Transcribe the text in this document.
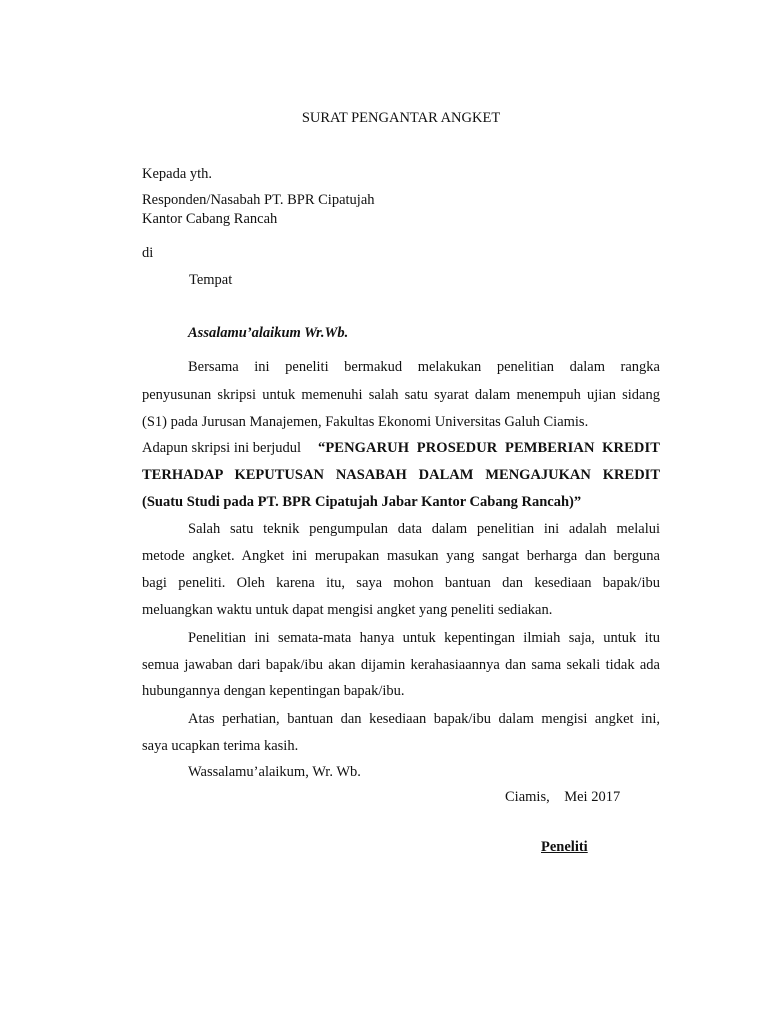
SURAT PENGANTAR ANGKET
Kepada yth.
Responden/Nasabah PT. BPR Cipatujah
Kantor Cabang Rancah
di
Tempat
Assalamu’alaikum Wr.Wb.
Bersama ini peneliti bermakud melakukan penelitian dalam rangka
penyusunan skripsi untuk memenuhi salah satu syarat dalam menempuh ujian sidang
(S1) pada Jurusan Manajemen, Fakultas Ekonomi Universitas Galuh Ciamis.
Adapun skripsi ini berjudul “PENGARUH PROSEDUR PEMBERIAN KREDIT
TERHADAP KEPUTUSAN NASABAH DALAM MENGAJUKAN KREDIT
(Suatu Studi pada PT. BPR Cipatujah Jabar Kantor Cabang Rancah)”
Salah satu teknik pengumpulan data dalam penelitian ini adalah melalui
metode angket. Angket ini merupakan masukan yang sangat berharga dan berguna
bagi peneliti. Oleh karena itu, saya mohon bantuan dan kesediaan bapak/ibu
meluangkan waktu untuk dapat mengisi angket yang peneliti sediakan.
Penelitian ini semata-mata hanya untuk kepentingan ilmiah saja, untuk itu
semua jawaban dari bapak/ibu akan dijamin kerahasiaannya dan sama sekali tidak ada
hubungannya dengan kepentingan bapak/ibu.
Atas perhatian, bantuan dan kesediaan bapak/ibu dalam mengisi angket ini,
saya ucapkan terima kasih.
Wassalamu’alaikum, Wr. Wb.
Ciamis,    Mei 2017
Peneliti
